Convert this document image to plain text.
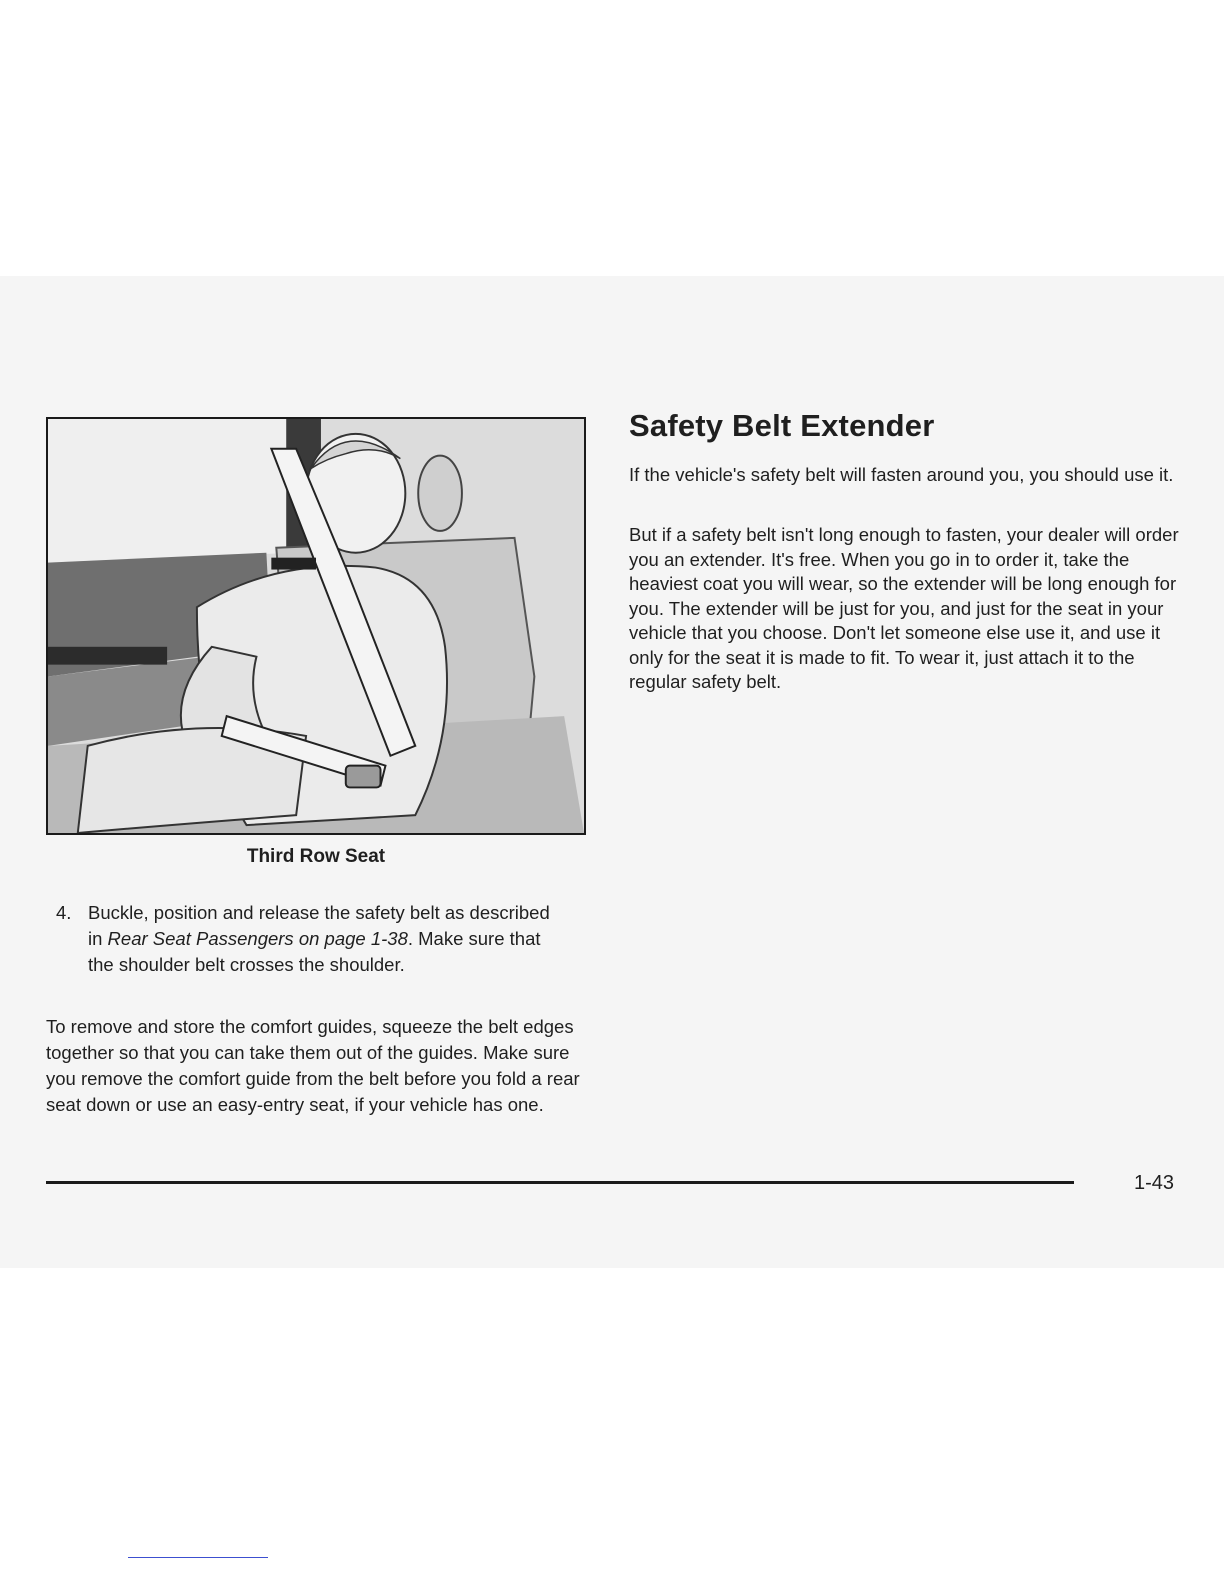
Third Row Seat
4. Buckle, position and release the safety belt as described in Rear Seat Passengers on page 1-38. Make sure that the shoulder belt crosses the shoulder.

To remove and store the comfort guides, squeeze the belt edges together so that you can take them out of the guides. Make sure you remove the comfort guide from the belt before you fold a rear seat down or use an easy-entry seat, if your vehicle has one.

Safety Belt Extender

If the vehicle's safety belt will fasten around you, you should use it.

But if a safety belt isn't long enough to fasten, your dealer will order you an extender. It's free. When you go in to order it, take the heaviest coat you will wear, so the extender will be long enough for you. The extender will be just for you, and just for the seat in your vehicle that you choose. Don't let someone else use it, and use it only for the seat it is made to fit. To wear it, just attach it to the regular safety belt.

1-43
